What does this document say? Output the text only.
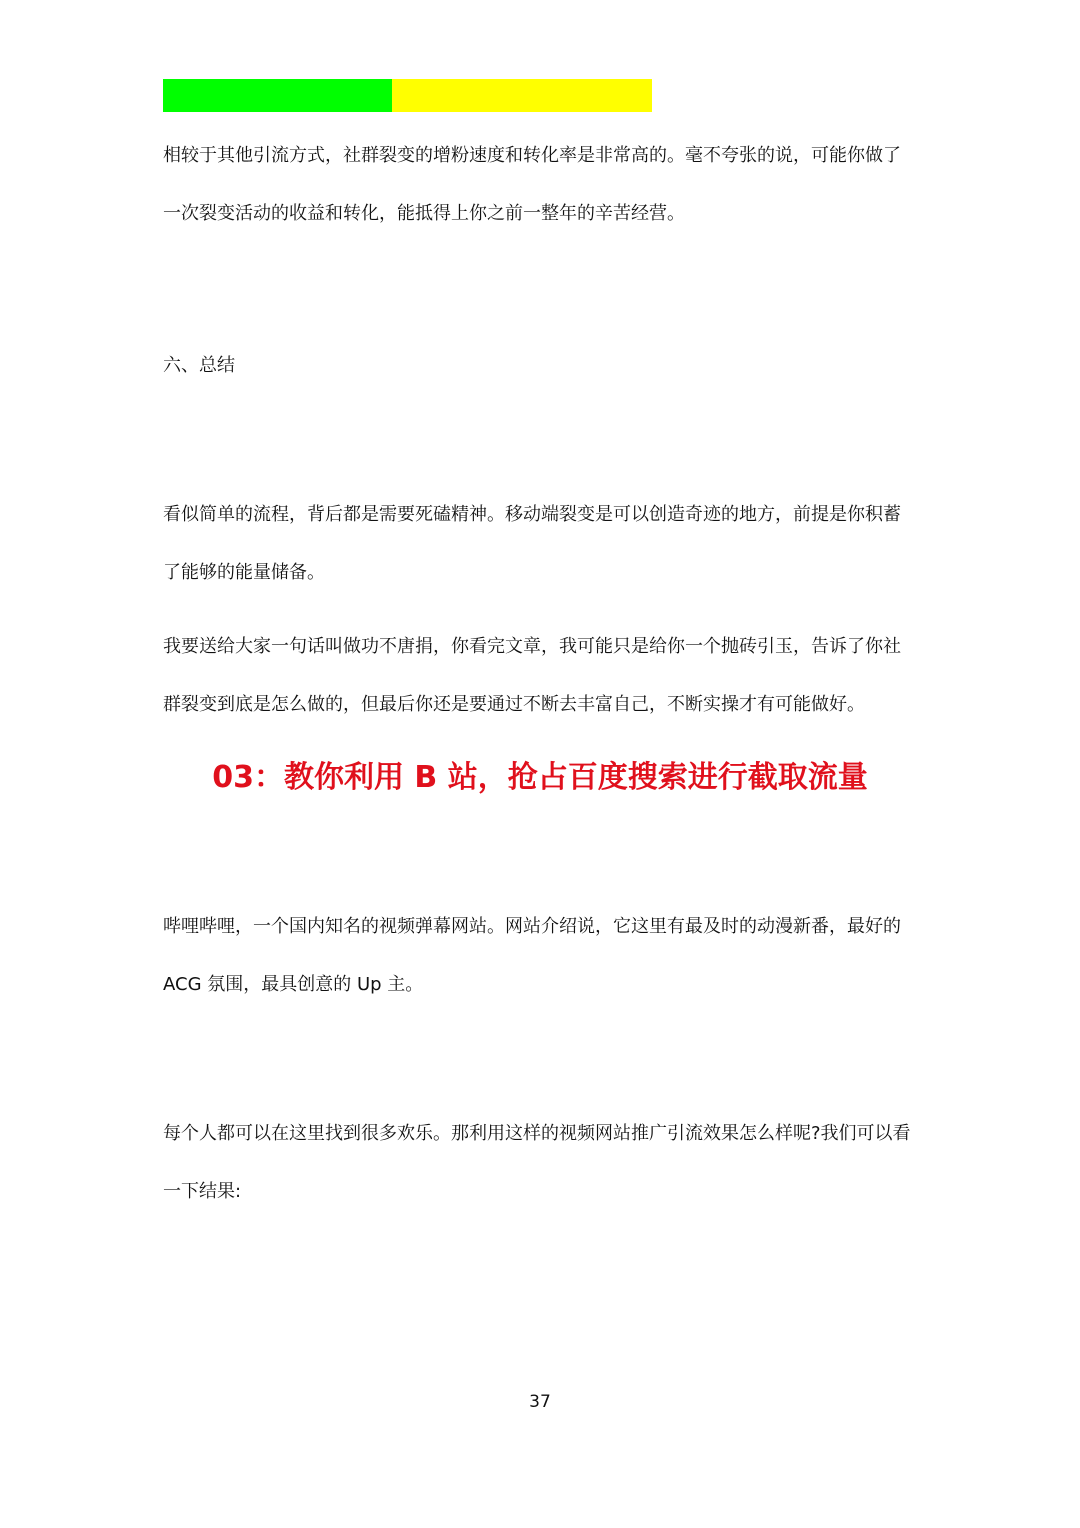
相较于其他引流方式，社群裂变的增粉速度和转化率是非常高的。毫不夸张的说，可能你做了
一次裂变活动的收益和转化，能抵得上你之前一整年的辛苦经营。
六、总结
看似简单的流程，背后都是需要死磕精神。移动端裂变是可以创造奇迹的地方，前提是你积蓄
了能够的能量储备。
我要送给大家一句话叫做功不唐捐，你看完文章，我可能只是给你一个抛砖引玉，告诉了你社
群裂变到底是怎么做的，但最后你还是要通过不断去丰富自己，不断实操才有可能做好。
03：教你利用 B 站，抢占百度搜索进行截取流量
哔哩哔哩，一个国内知名的视频弹幕网站。网站介绍说，它这里有最及时的动漫新番，最好的
ACG 氛围，最具创意的 Up 主。
每个人都可以在这里找到很多欢乐。那利用这样的视频网站推广引流效果怎么样呢?我们可以看
一下结果:
37
